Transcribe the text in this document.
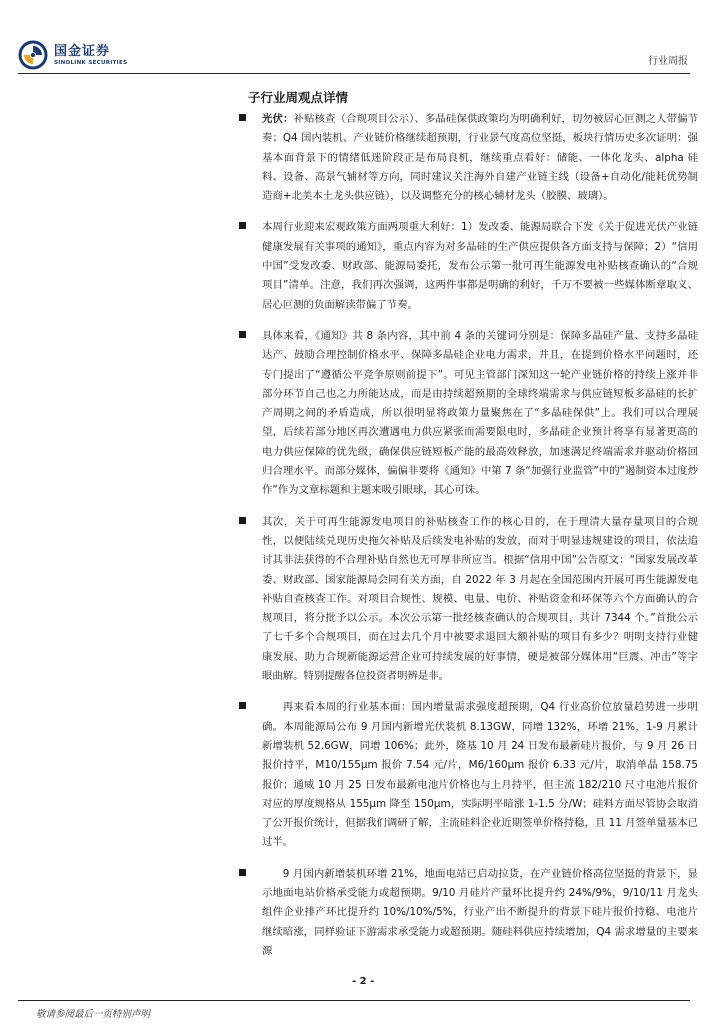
国金证券
SINOLINK SECURITIES	行业周报
子行业周观点详情

光伏：补贴核查（合规项目公示）、多晶硅保供政策均为明确利好，切勿被居心叵测之人带偏节奏；Q4 国内装机、产业链价格继续超预期，行业景气度高位坚挺，板块行情历史多次证明：强基本面背景下的情绪低迷阶段正是布局良机，继续重点看好：储能、一体化龙头、alpha 硅料、设备、高景气辅材等方向，同时建议关注海外自建产业链主线（设备+自动化/能耗优势制造商+北美本土龙头供应链），以及调整充分的核心辅材龙头（胶膜、玻璃）。

本周行业迎来宏观政策方面两项重大利好：1）发改委、能源局联合下发《关于促进光伏产业链健康发展有关事项的通知》，重点内容为对多晶硅的生产供应提供各方面支持与保障；2）“信用中国”受发改委、财政部、能源局委托，发布公示第一批可再生能源发电补贴核查确认的“合规项目”清单。注意，我们再次强调，这两件事都是明确的利好，千万不要被一些媒体断章取义、居心叵测的负面解读带偏了节奏。

具体来看，《通知》共 8 条内容，其中前 4 条的关键词分别是：保障多晶硅产量、支持多晶硅达产、鼓励合理控制价格水平、保障多晶硅企业电力需求，并且，在提到价格水平问题时，还专门提出了“遵循公平竞争原则前提下”。可见主管部门深知这一轮产业链价格的持续上涨并非部分环节自己也之力所能达成，而是由持续超预期的全球终端需求与供应链短板多晶硅的长扩产周期之间的矛盾造成，所以很明显将政策力量聚焦在了“多晶硅保供”上。我们可以合理展望，后续若部分地区再次遭遇电力供应紧张而需要限电时，多晶硅企业预计将享有显著更高的电力供应保障的优先级，确保供应链短板产能的最高效释放，加速满足终端需求并驱动价格回归合理水平。而部分媒体，偏偏非要将《通知》中第 7 条“加强行业监管”中的“遏制资本过度炒作”作为文章标题和主题来吸引眼球，其心可诛。

其次，关于可再生能源发电项目的补贴核查工作的核心目的，在于理清大量存量项目的合规性，以便陆续兑现历史拖欠补贴及后续发电补贴的发放，而对于明显违规建设的项目，依法追讨其非法获得的不合理补贴自然也无可厚非所应当。根据“信用中国”公告原文：“国家发展改革委、财政部、国家能源局会同有关方面，自 2022 年 3 月起在全国范围内开展可再生能源发电补贴自查核查工作。对项目合规性、规模、电量、电价、补贴资金和环保等六个方面确认的合规项目，将分批予以公示。本次公示第一批经核查确认的合规项目，共计 7344 个。”首批公示了七千多个合规项目，而在过去几个月中被要求退回大额补贴的项目有多少？明明支持行业健康发展、助力合规新能源运营企业可持续发展的好事情，硬是被部分媒体用“巨震、冲击”等字眼曲解。特别提醒各位投资者明辨是非。

再来看本周的行业基本面：国内增量需求强度超预期，Q4 行业高价位放量趋势进一步明确。本周能源局公布 9 月国内新增光伏装机 8.13GW，同增 132%，环增 21%，1-9 月累计新增装机 52.6GW，同增 106%；此外，隆基 10 月 24 日发布最新硅片报价，与 9 月 26 日报价持平，M10/155μm 报价 7.54 元/片，M6/160μm 报价 6.33 元/片，取消单晶 158.75 报价；通威 10 月 25 日发布最新电池片价格也与上月持平，但主流 182/210 尺寸电池片报价对应的厚度规格从 155μm 降至 150μm，实际明平暗涨 1-1.5 分/W；硅料方面尽管协会取消了公开报价统计，但据我们调研了解，主流硅料企业近期签单价格持稳，且 11 月签单量基本已过半。

9 月国内新增装机环增 21%，地面电站已启动拉货，在产业链价格高位坚挺的背景下，显示地面电站价格承受能力或超预期。9/10 月硅片产量环比提升约 24%/9%，9/10/11 月龙头组件企业排产环比提升约 10%/10%/5%，行业产出不断提升的背景下硅片报价持稳、电池片继续暗涨，同样验证下游需求承受能力或超预期。随硅料供应持续增加，Q4 需求增量的主要来源

- 2 -
敬请参阅最后一页特别声明
